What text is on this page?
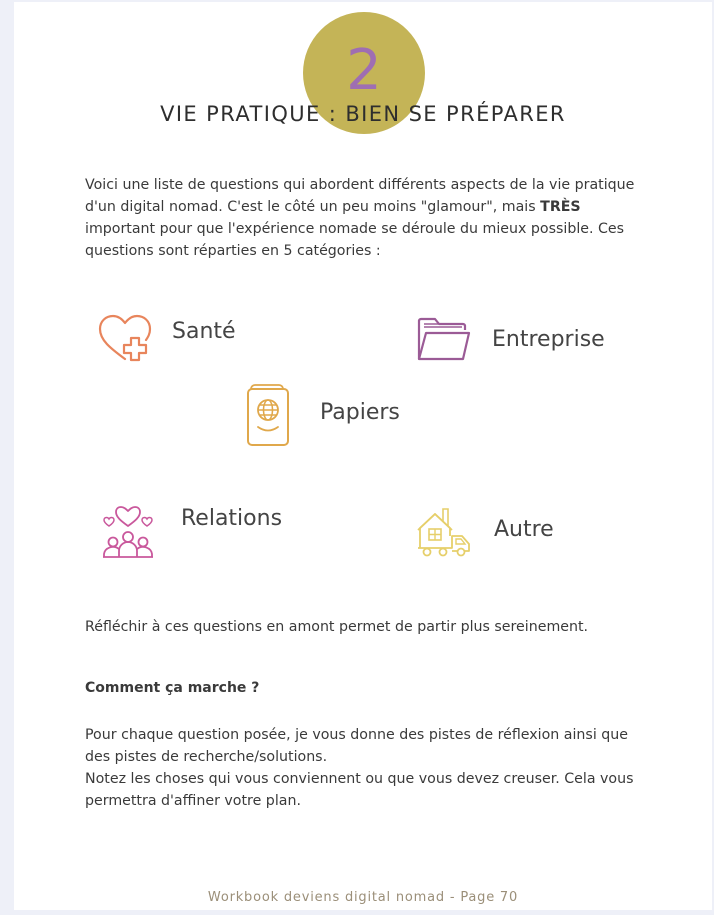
2
VIE PRATIQUE : BIEN SE PRÉPARER
Voici une liste de questions qui abordent différents aspects de la vie pratique d'un digital nomad. C'est le côté un peu moins "glamour", mais TRÈS important pour que l'expérience nomade se déroule du mieux possible. Ces questions sont réparties en 5 catégories :
Santé	Entreprise
Papiers
Relations	Autre
Réfléchir à ces questions en amont permet de partir plus sereinement.
Comment ça marche ?
Pour chaque question posée, je vous donne des pistes de réflexion ainsi que des pistes de recherche/solutions.
Notez les choses qui vous conviennent ou que vous devez creuser. Cela vous permettra d'affiner votre plan.
Workbook deviens digital nomad - Page 70
